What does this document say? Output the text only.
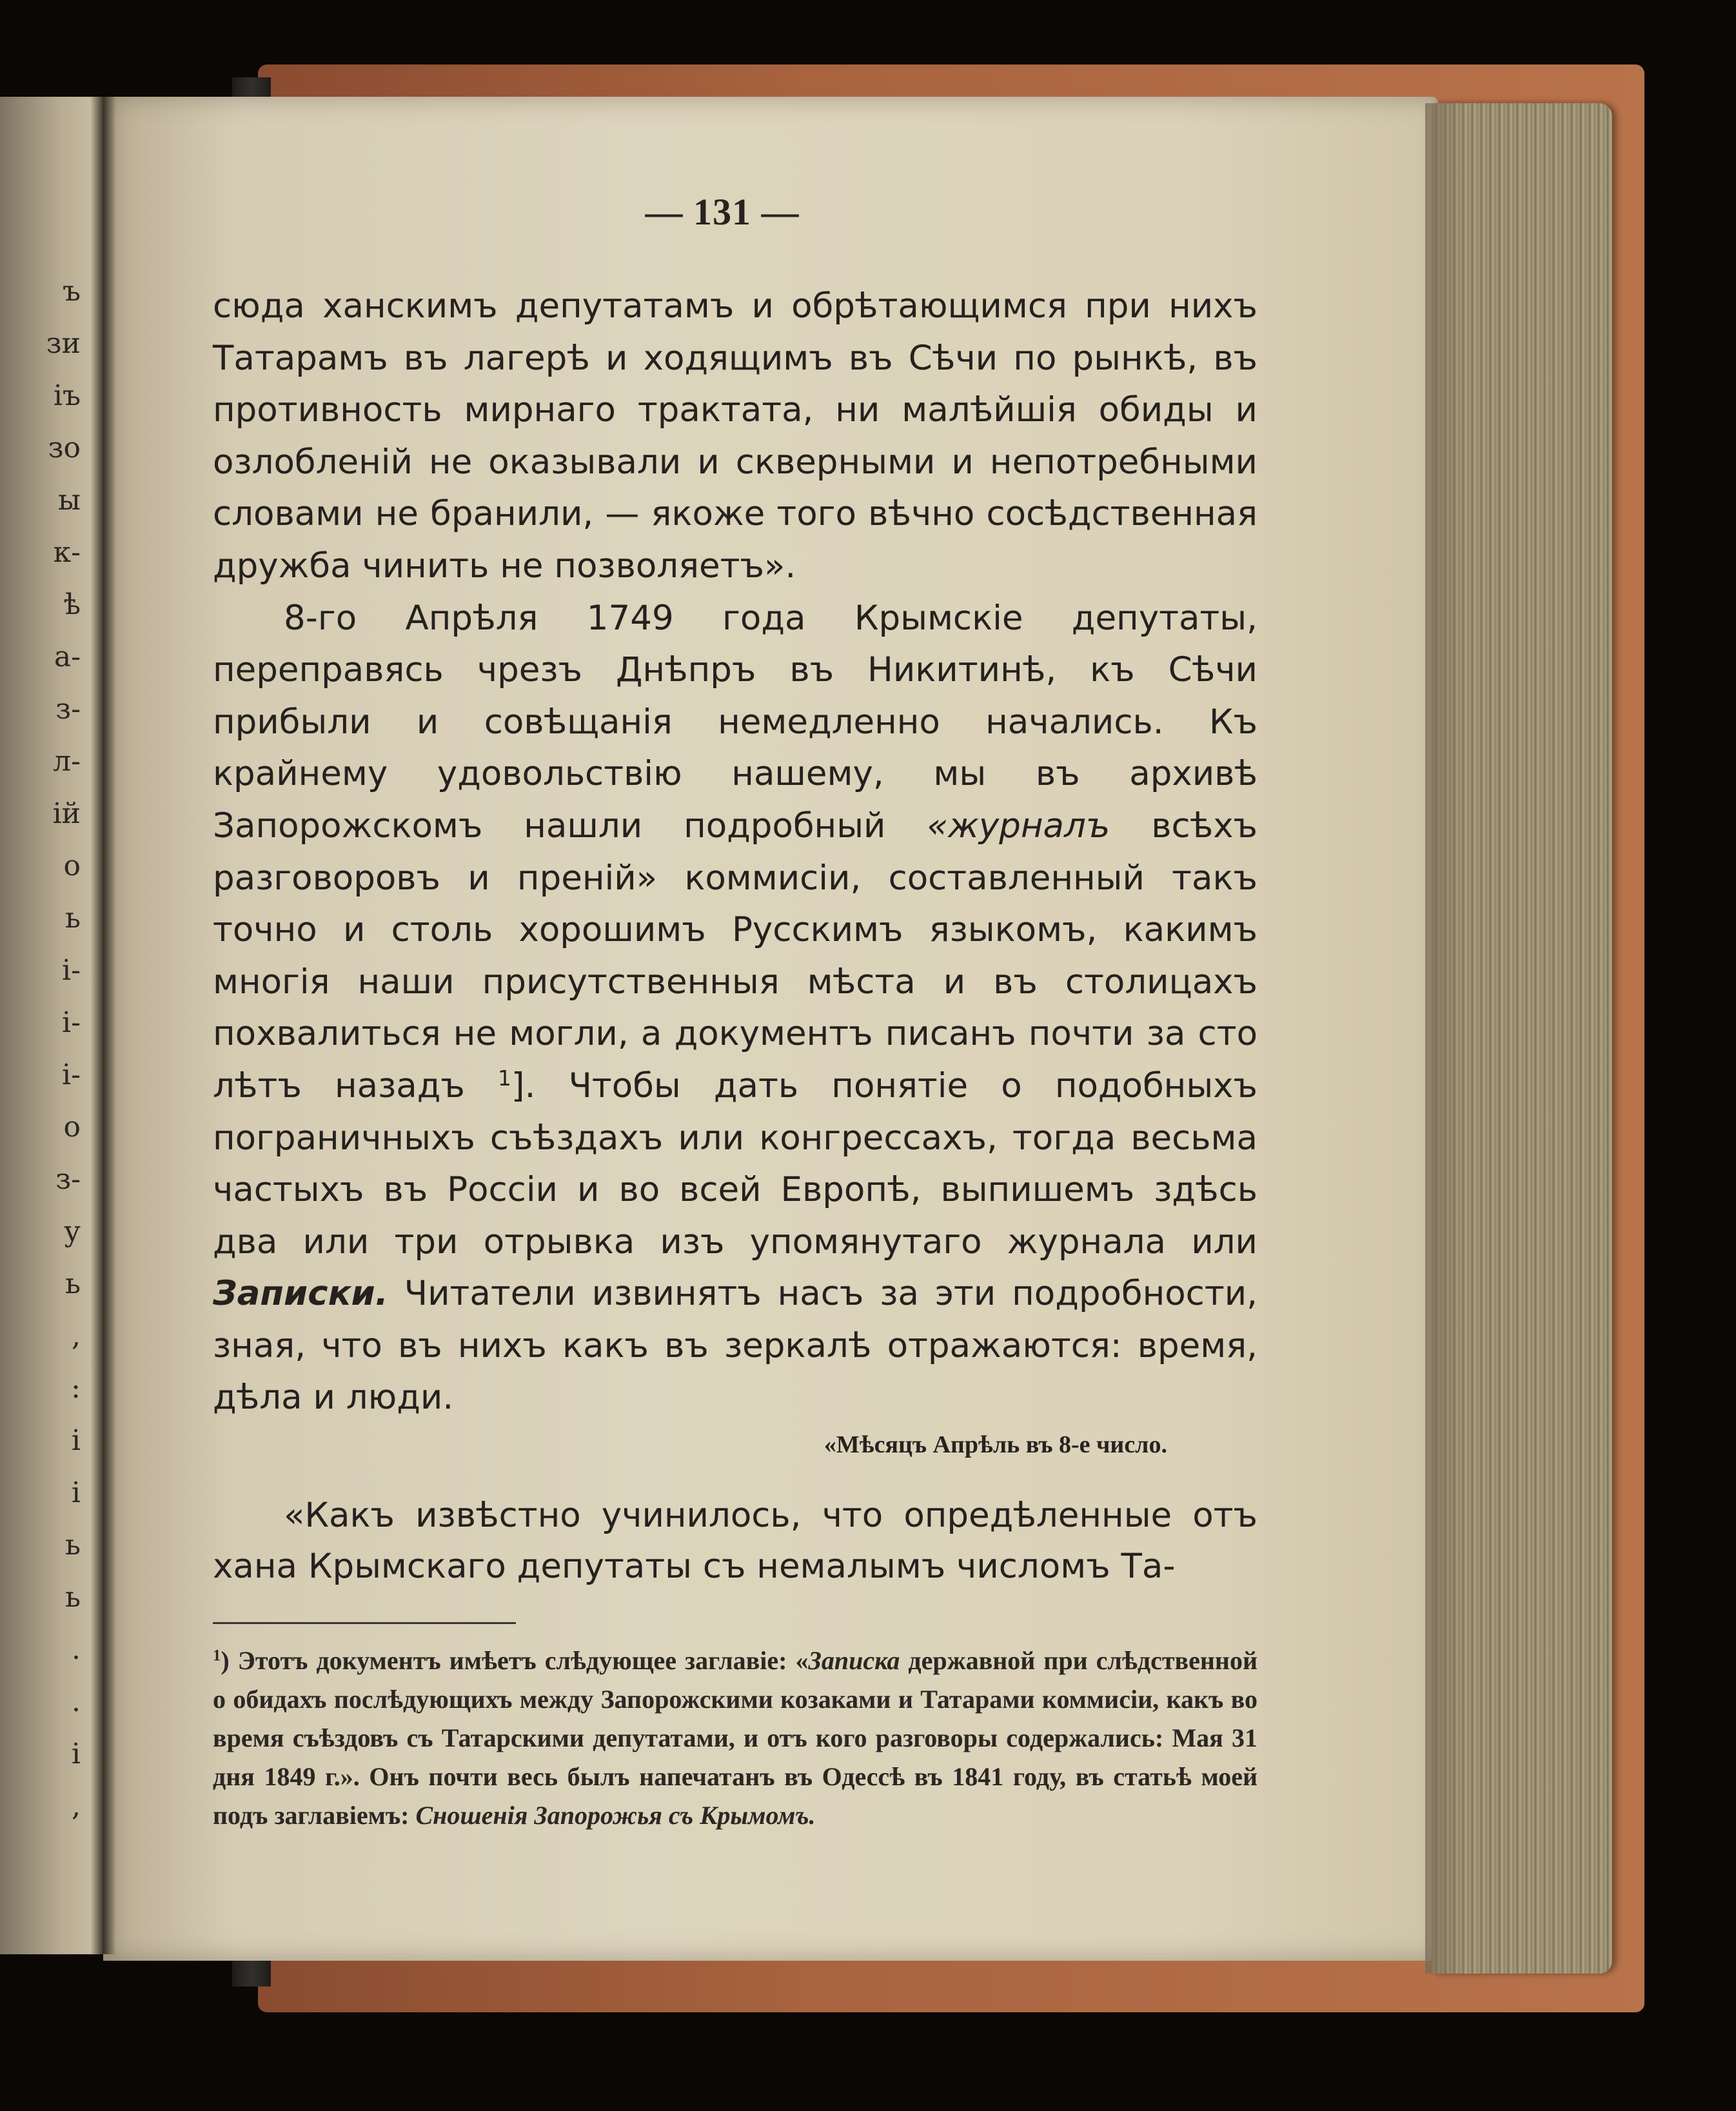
ъ
зи
іъ
зо
ы
к-
ѣ
а-
з-
л-
ій
о
ь
і-
і-
і-
о
з-
у
ь
,
:
і
і
ь
ь
.
.
і
,
— 131 —

сюда ханскимъ депутатамъ и обрѣтающимся при нихъ Татарамъ въ лагерѣ и ходящимъ въ Сѣчи по рынкѣ, въ противность мирнаго трактата, ни малѣйшія обиды и озлобленій не оказывали и скверными и непотребными словами не бранили, — якоже того вѣчно сосѣдственная дружба чинить не позволяетъ».

8-го Апрѣля 1749 года Крымскіе депутаты, переправясь чрезъ Днѣпръ въ Никитинѣ, къ Сѣчи прибыли и совѣщанія немедленно начались. Къ крайнему удовольствію нашему, мы въ архивѣ Запорожскомъ нашли подробный «журналъ всѣхъ разговоровъ и преній» коммисіи, составленный такъ точно и столь хорошимъ Русскимъ языкомъ, какимъ многія наши присутственныя мѣста и въ столицахъ похвалиться не могли, а документъ писанъ почти за сто лѣтъ назадъ $^1$]. Чтобы дать понятіе о подобныхъ пограничныхъ съѣздахъ или конгрессахъ, тогда весьма частыхъ въ Россіи и во всей Европѣ, выпишемъ здѣсь два или три отрывка изъ упомянутаго журнала или Записки. Читатели извинятъ насъ за эти подробности, зная, что въ нихъ какъ въ зеркалѣ отражаются: время, дѣла и люди.

«Мѣсяцъ Апрѣль въ 8-е число.

«Какъ извѣстно учинилось, что опредѣленные отъ хана Крымскаго депутаты съ немалымъ числомъ Та-

$^1$) Этотъ документъ имѣетъ слѣдующее заглавіе: «Записка державной при слѣдственной о обидахъ послѣдующихъ между Запорожскими козаками и Татарами коммисіи, какъ во время съѣздовъ съ Татарскими депутатами, и отъ кого разговоры содержались: Мая 31 дня 1849 г.». Онъ почти весь былъ напечатанъ въ Одессѣ въ 1841 году, въ статьѣ моей подъ заглавіемъ: Сношенія Запорожья съ Крымомъ.
